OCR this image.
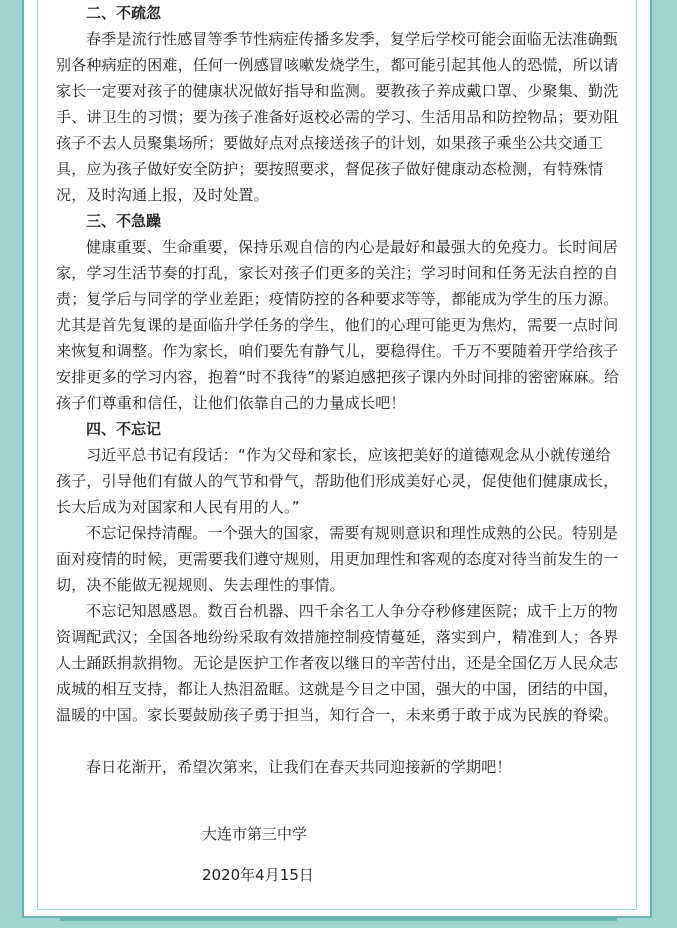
二、不疏忽

春季是流行性感冒等季节性病症传播多发季，复学后学校可能会面临无法准确甄别各种病症的困难，任何一例感冒咳嗽发烧学生，都可能引起其他人的恐慌，所以请家长一定要对孩子的健康状况做好指导和监测。要教孩子养成戴口罩、少聚集、勤洗手、讲卫生的习惯；要为孩子准备好返校必需的学习、生活用品和防控物品；要劝阻孩子不去人员聚集场所；要做好点对点接送孩子的计划，如果孩子乘坐公共交通工具，应为孩子做好安全防护；要按照要求，督促孩子做好健康动态检测，有特殊情况，及时沟通上报，及时处置。

三、不急躁

健康重要、生命重要，保持乐观自信的内心是最好和最强大的免疫力。长时间居家，学习生活节奏的打乱，家长对孩子们更多的关注；学习时间和任务无法自控的自责；复学后与同学的学业差距；疫情防控的各种要求等等，都能成为学生的压力源。尤其是首先复课的是面临升学任务的学生，他们的心理可能更为焦灼，需要一点时间来恢复和调整。作为家长，咱们要先有静气儿，要稳得住。千万不要随着开学给孩子安排更多的学习内容，抱着“时不我待”的紧迫感把孩子课内外时间排的密密麻麻。给孩子们尊重和信任，让他们依靠自己的力量成长吧！

四、不忘记

习近平总书记有段话：“作为父母和家长，应该把美好的道德观念从小就传递给孩子，引导他们有做人的气节和骨气，帮助他们形成美好心灵，促使他们健康成长，长大后成为对国家和人民有用的人。”

不忘记保持清醒。一个强大的国家，需要有规则意识和理性成熟的公民。特别是面对疫情的时候，更需要我们遵守规则，用更加理性和客观的态度对待当前发生的一切，决不能做无视规则、失去理性的事情。

不忘记知恩感恩。数百台机器、四千余名工人争分夺秒修建医院；成千上万的物资调配武汉；全国各地纷纷采取有效措施控制疫情蔓延，落实到户，精准到人；各界人士踊跃捐款捐物。无论是医护工作者夜以继日的辛苦付出，还是全国亿万人民众志成城的相互支持，都让人热泪盈眶。这就是今日之中国，强大的中国，团结的中国，温暖的中国。家长要鼓励孩子勇于担当，知行合一，未来勇于敢于成为民族的脊梁。

春日花渐开，希望次第来，让我们在春天共同迎接新的学期吧！

大连市第三中学

2020年4月15日
